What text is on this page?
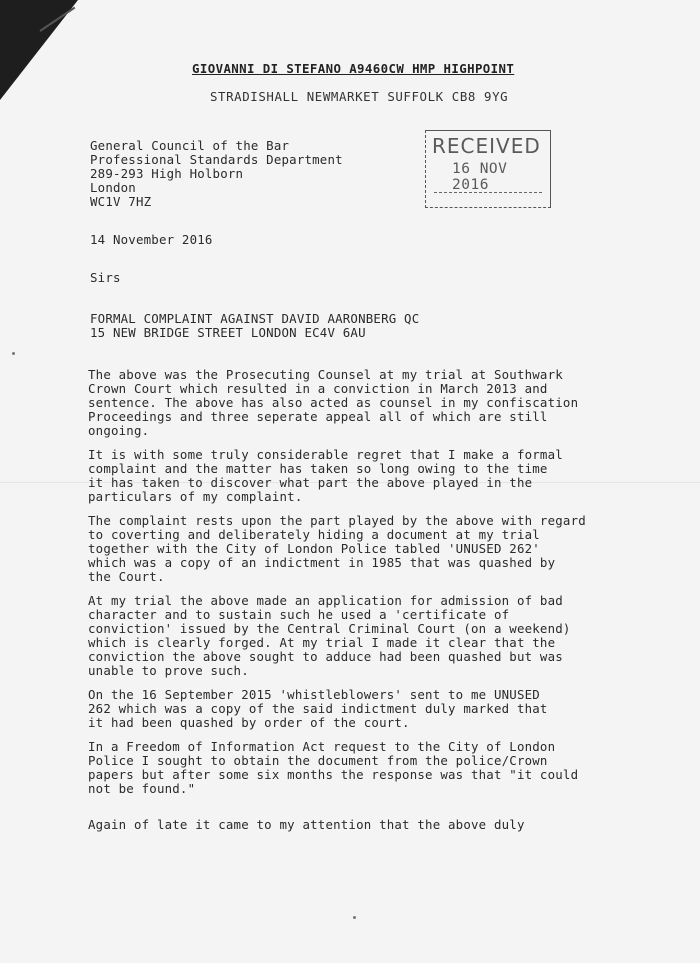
GIOVANNI DI STEFANO A9460CW HMP HIGHPOINT
STRADISHALL NEWMARKET SUFFOLK CB8 9YG
General Council of the Bar
Professional Standards Department
289-293 High Holborn
London
WC1V 7HZ
RECEIVED
16 NOV 2016
14 November 2016
Sirs
FORMAL COMPLAINT AGAINST DAVID AARONBERG QC
15 NEW BRIDGE STREET LONDON EC4V 6AU
The above was the Prosecuting Counsel at my trial at Southwark
Crown Court which resulted in a conviction in March 2013 and
sentence. The above has also acted as counsel in my confiscation
Proceedings and three seperate appeal all of which are still
ongoing.
It is with some truly considerable regret that I make a formal
complaint and the matter has taken so long owing to the time
it has taken to discover what part the above played in the
particulars of my complaint.
The complaint rests upon the part played by the above with regard
to coverting and deliberately hiding a document at my trial
together with the City of London Police tabled 'UNUSED 262'
which was a copy of an indictment in 1985 that was quashed by
the Court.
At my trial the above made an application for admission of bad
character and to sustain such he used a 'certificate of
conviction' issued by the Central Criminal Court (on a weekend)
which is clearly forged. At my trial I made it clear that the
conviction the above sought to adduce had been quashed but was
unable to prove such.
On the 16 September 2015 'whistleblowers' sent to me UNUSED
262 which was a copy of the said indictment duly marked that
it had been quashed by order of the court.
In a Freedom of Information Act request to the City of London
Police I sought to obtain the document from the police/Crown
papers but after some six months the response was that "it could
not be found."
Again of late it came to my attention that the above duly
